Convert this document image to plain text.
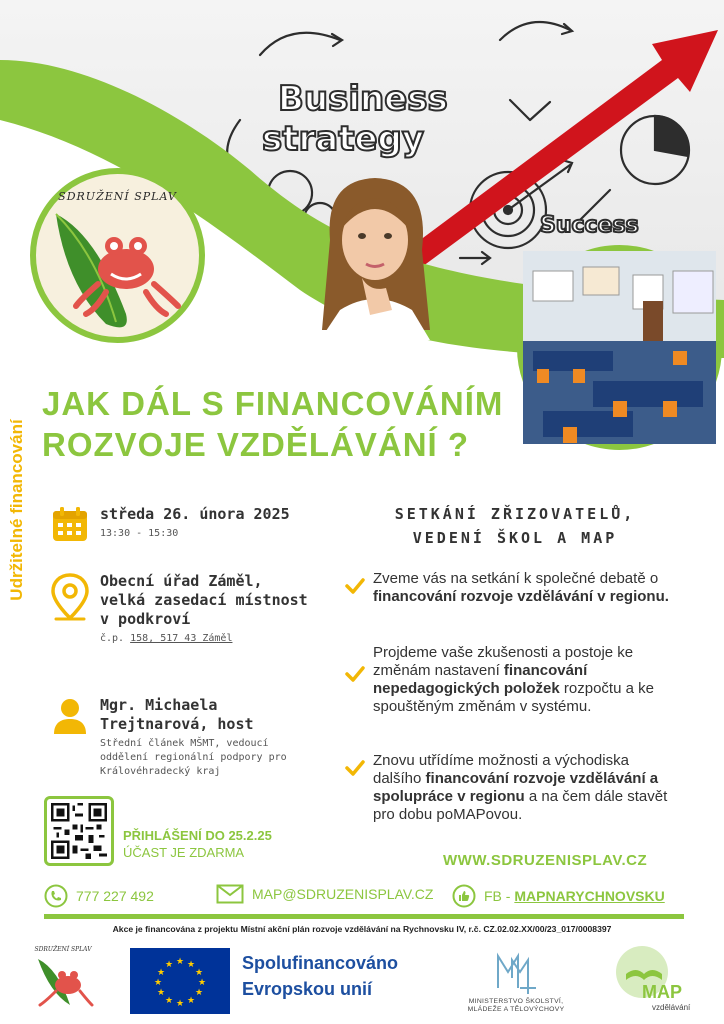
Business
strategy
Success
SDRUŽENÍ SPLAV
Udržitelné financování
JAK DÁL S FINANCOVÁNÍM
ROZVOJE VZDĚLÁVÁNÍ ?
středa 26. února 2025
13:30 - 15:30
Obecní úřad Záměl,
velká zasedací místnost
v podkroví
č.p. 158, 517 43 Záměl
Mgr. Michaela
Trejtnarová, host
Střední článek MŠMT, vedoucí oddělení regionální podpory pro Královéhradecký kraj
SETKÁNÍ ZŘIZOVATELŮ,
VEDENÍ ŠKOL A MAP
Zveme vás na setkání k společné debatě o financování rozvoje vzdělávání v regionu.
Projdeme vaše zkušenosti a postoje ke změnám nastavení financování nepedagogických položek rozpočtu a ke spouštěným změnám v systému.
Znovu utřídíme možnosti a východiska dalšího financování rozvoje vzdělávání a spolupráce v regionu a na čem dále stavět pro dobu poMAPovou.
WWW.SDRUZENISPLAV.CZ
PŘIHLÁŠENÍ DO 25.2.25
ÚČAST JE ZDARMA
777 227 492	MAP@SDRUZENISPLAV.CZ	FB - MAPNARYCHNOVSKU
Akce je financována z projektu Místní akční plán rozvoje vzdělávání na Rychnovsku IV, r.č. CZ.02.02.XX/00/23_017/0008397
SDRUŽENÍ SPLAV
★ ★
★
★
★
★
★
★
★
★
★
★	Spolufinancováno
Evropskou unií
MINISTERSTVO ŠKOLSTVÍ,
MLÁDEŽE A TĚLOVÝCHOVY
MAP
vzdělávání
